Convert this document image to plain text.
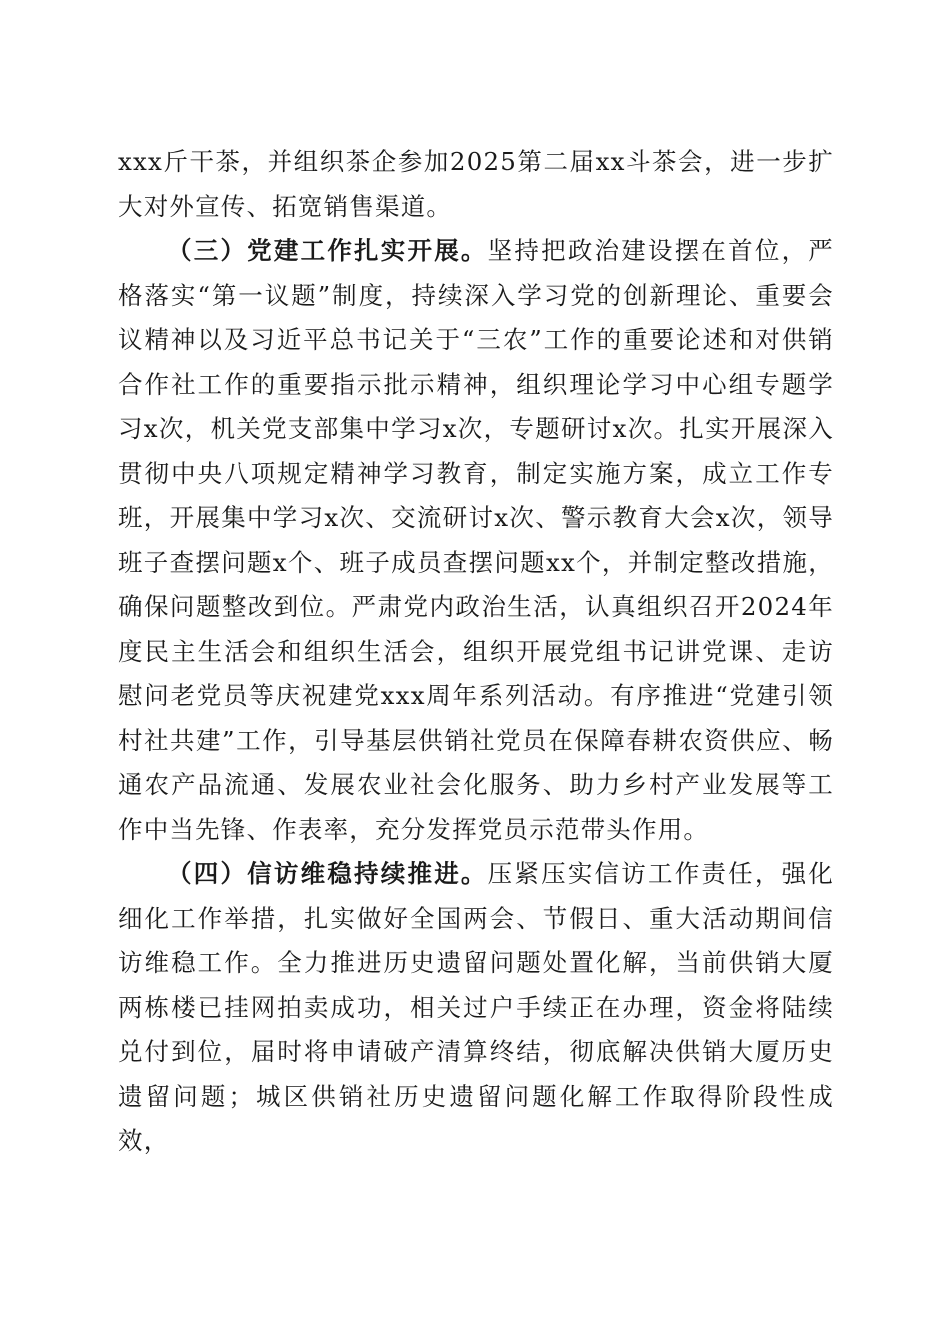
xxx斤干茶，并组织茶企参加2025第二届xx斗茶会，进一步扩大对外宣传、拓宽销售渠道。

（三）党建工作扎实开展。坚持把政治建设摆在首位，严格落实“第一议题”制度，持续深入学习党的创新理论、重要会议精神以及习近平总书记关于“三农”工作的重要论述和对供销合作社工作的重要指示批示精神，组织理论学习中心组专题学习x次，机关党支部集中学习x次，专题研讨x次。扎实开展深入贯彻中央八项规定精神学习教育，制定实施方案，成立工作专班，开展集中学习x次、交流研讨x次、警示教育大会x次，领导班子查摆问题x个、班子成员查摆问题xx个，并制定整改措施，确保问题整改到位。严肃党内政治生活，认真组织召开2024年度民主生活会和组织生活会，组织开展党组书记讲党课、走访慰问老党员等庆祝建党xxx周年系列活动。有序推进“党建引领村社共建”工作，引导基层供销社党员在保障春耕农资供应、畅通农产品流通、发展农业社会化服务、助力乡村产业发展等工作中当先锋、作表率，充分发挥党员示范带头作用。

（四）信访维稳持续推进。压紧压实信访工作责任，强化细化工作举措，扎实做好全国两会、节假日、重大活动期间信访维稳工作。全力推进历史遗留问题处置化解，当前供销大厦两栋楼已挂网拍卖成功，相关过户手续正在办理，资金将陆续兑付到位，届时将申请破产清算终结，彻底解决供销大厦历史遗留问题；城区供销社历史遗留问题化解工作取得阶段性成效，
